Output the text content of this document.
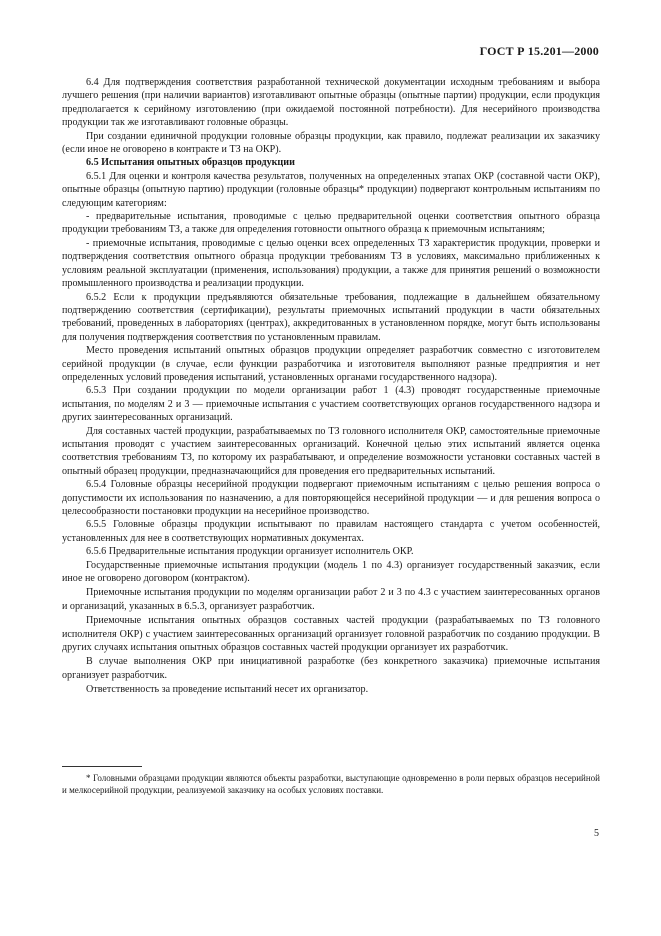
ГОСТ Р 15.201—2000

6.4 Для подтверждения соответствия разработанной технической документации исходным требованиям и выбора лучшего решения (при наличии вариантов) изготавливают опытные образцы (опытные партии) продукции, если продукция предполагается к серийному изготовлению (при ожидаемой постоянной потребности). Для несерийного производства продукции так же изготавливают головные образцы.

При создании единичной продукции головные образцы продукции, как правило, подлежат реализации их заказчику (если иное не оговорено в контракте и ТЗ на ОКР).

6.5 Испытания опытных образцов продукции

6.5.1 Для оценки и контроля качества результатов, полученных на определенных этапах ОКР (составной части ОКР), опытные образцы (опытную партию) продукции (головные образцы* продукции) подвергают контрольным испытаниям по следующим категориям:

- предварительные испытания, проводимые с целью предварительной оценки соответствия опытного образца продукции требованиям ТЗ, а также для определения готовности опытного образца к приемочным испытаниям;

- приемочные испытания, проводимые с целью оценки всех определенных ТЗ характеристик продукции, проверки и подтверждения соответствия опытного образца продукции требованиям ТЗ в условиях, максимально приближенных к условиям реальной эксплуатации (применения, использования) продукции, а также для принятия решений о возможности промышленного производства и реализации продукции.

6.5.2 Если к продукции предъявляются обязательные требования, подлежащие в дальнейшем обязательному подтверждению соответствия (сертификации), результаты приемочных испытаний продукции в части обязательных требований, проведенных в лабораториях (центрах), аккредитованных в установленном порядке, могут быть использованы для получения подтверждения соответствия по установленным правилам.

Место проведения испытаний опытных образцов продукции определяет разработчик совместно с изготовителем серийной продукции (в случае, если функции разработчика и изготовителя выполняют разные предприятия и нет определенных условий проведения испытаний, установленных органами государственного надзора).

6.5.3 При создании продукции по модели организации работ 1 (4.3) проводят государственные приемочные испытания, по моделям 2 и 3 — приемочные испытания с участием соответствующих органов государственного надзора и других заинтересованных организаций.

Для составных частей продукции, разрабатываемых по ТЗ головного исполнителя ОКР, самостоятельные приемочные испытания проводят с участием заинтересованных организаций. Конечной целью этих испытаний является оценка соответствия требованиям ТЗ, по которому их разрабатывают, и определение возможности установки составных частей в опытный образец продукции, предназначающийся для проведения его предварительных испытаний.

6.5.4 Головные образцы несерийной продукции подвергают приемочным испытаниям с целью решения вопроса о допустимости их использования по назначению, а для повторяющейся несерийной продукции — и для решения вопроса о целесообразности постановки продукции на несерийное производство.

6.5.5 Головные образцы продукции испытывают по правилам настоящего стандарта с учетом особенностей, установленных для нее в соответствующих нормативных документах.

6.5.6 Предварительные испытания продукции организует исполнитель ОКР.

Государственные приемочные испытания продукции (модель 1 по 4.3) организует государственный заказчик, если иное не оговорено договором (контрактом).

Приемочные испытания продукции по моделям организации работ 2 и 3 по 4.3 с участием заинтересованных органов и организаций, указанных в 6.5.3, организует разработчик.

Приемочные испытания опытных образцов составных частей продукции (разрабатываемых по ТЗ головного исполнителя ОКР) с участием заинтересованных организаций организует головной разработчик по созданию продукции. В других случаях испытания опытных образцов составных частей продукции организует их разработчик.

В случае выполнения ОКР при инициативной разработке (без конкретного заказчика) приемочные испытания организует разработчик.

Ответственность за проведение испытаний несет их организатор.

* Головными образцами продукции являются объекты разработки, выступающие одновременно в роли первых образцов несерийной и мелкосерийной продукции, реализуемой заказчику на особых условиях поставки.
5
